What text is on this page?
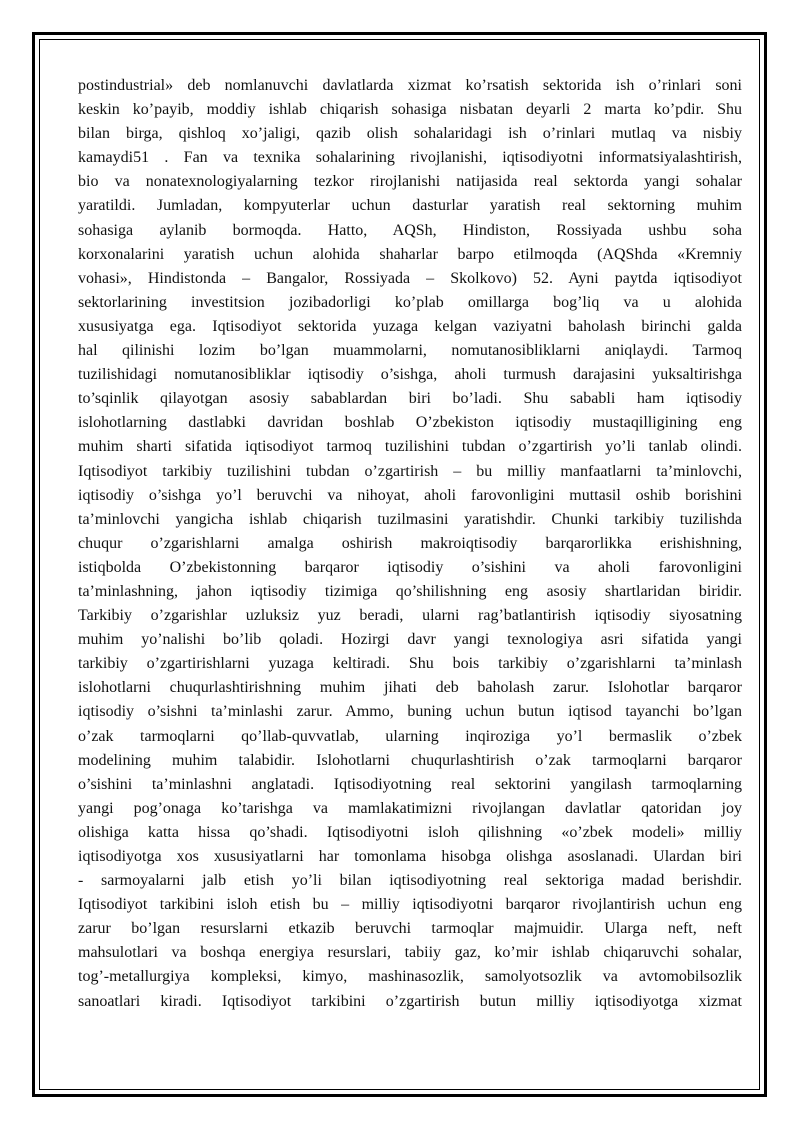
postindustrial» deb nomlanuvchi davlatlarda xizmat ko’rsatish sektorida ish o’rinlari soni
keskin ko’payib, moddiy ishlab chiqarish sohasiga nisbatan deyarli 2 marta ko’pdir. Shu
bilan birga, qishloq xo’jaligi, qazib olish sohalaridagi ish o’rinlari mutlaq va nisbiy
kamaydi51 . Fan va texnika sohalarining rivojlanishi, iqtisodiyotni informatsiyalashtirish,
bio va nonatexnologiyalarning tezkor rirojlanishi natijasida real sektorda yangi sohalar
yaratildi. Jumladan, kompyuterlar uchun dasturlar yaratish real sektorning muhim
sohasiga aylanib bormoqda. Hatto, AQSh, Hindiston, Rossiyada ushbu soha
korxonalarini yaratish uchun alohida shaharlar barpo etilmoqda (AQShda «Kremniy
vohasi», Hindistonda – Bangalor, Rossiyada – Skolkovo) 52. Ayni paytda iqtisodiyot
sektorlarining investitsion jozibadorligi ko’plab omillarga bog’liq va u alohida
xususiyatga ega. Iqtisodiyot sektorida yuzaga kelgan vaziyatni baholash birinchi galda
hal qilinishi lozim bo’lgan muammolarni, nomutanosibliklarni aniqlaydi. Tarmoq
tuzilishidagi nomutanosibliklar iqtisodiy o’sishga, aholi turmush darajasini yuksaltirishga
to’sqinlik qilayotgan asosiy sabablardan biri bo’ladi. Shu sababli ham iqtisodiy
islohotlarning dastlabki davridan boshlab O’zbekiston iqtisodiy mustaqilligining eng
muhim sharti sifatida iqtisodiyot tarmoq tuzilishini tubdan o’zgartirish yo’li tanlab olindi.
Iqtisodiyot tarkibiy tuzilishini tubdan o’zgartirish – bu milliy manfaatlarni ta’minlovchi,
iqtisodiy o’sishga yo’l beruvchi va nihoyat, aholi farovonligini muttasil oshib borishini
ta’minlovchi yangicha ishlab chiqarish tuzilmasini yaratishdir. Chunki tarkibiy tuzilishda
chuqur o’zgarishlarni amalga oshirish makroiqtisodiy barqarorlikka erishishning,
istiqbolda O’zbekistonning barqaror iqtisodiy o’sishini va aholi farovonligini
ta’minlashning, jahon iqtisodiy tizimiga qo’shilishning eng asosiy shartlaridan biridir.
Tarkibiy o’zgarishlar uzluksiz yuz beradi, ularni rag’batlantirish iqtisodiy siyosatning
muhim yo’nalishi bo’lib qoladi. Hozirgi davr yangi texnologiya asri sifatida yangi
tarkibiy o’zgartirishlarni yuzaga keltiradi. Shu bois tarkibiy o’zgarishlarni ta’minlash
islohotlarni chuqurlashtirishning muhim jihati deb baholash zarur. Islohotlar barqaror
iqtisodiy o’sishni ta’minlashi zarur. Ammo, buning uchun butun iqtisod tayanchi bo’lgan
o’zak tarmoqlarni qo’llab-quvvatlab, ularning inqiroziga yo’l bermaslik o’zbek
modelining muhim talabidir. Islohotlarni chuqurlashtirish o’zak tarmoqlarni barqaror
o’sishini ta’minlashni anglatadi. Iqtisodiyotning real sektorini yangilash tarmoqlarning
yangi pog’onaga ko’tarishga va mamlakatimizni rivojlangan davlatlar qatoridan joy
olishiga katta hissa qo’shadi. Iqtisodiyotni isloh qilishning «o’zbek modeli» milliy
iqtisodiyotga xos xususiyatlarni har tomonlama hisobga olishga asoslanadi. Ulardan biri
- sarmoyalarni jalb etish yo’li bilan iqtisodiyotning real sektoriga madad berishdir.
Iqtisodiyot tarkibini isloh etish bu – milliy iqtisodiyotni barqaror rivojlantirish uchun eng
zarur bo’lgan resurslarni etkazib beruvchi tarmoqlar majmuidir. Ularga neft, neft
mahsulotlari va boshqa energiya resurslari, tabiiy gaz, ko’mir ishlab chiqaruvchi sohalar,
tog’-metallurgiya kompleksi, kimyo, mashinasozlik, samolyotsozlik va avtomobilsozlik
sanoatlari kiradi. Iqtisodiyot tarkibini o’zgartirish butun milliy iqtisodiyotga xizmat
